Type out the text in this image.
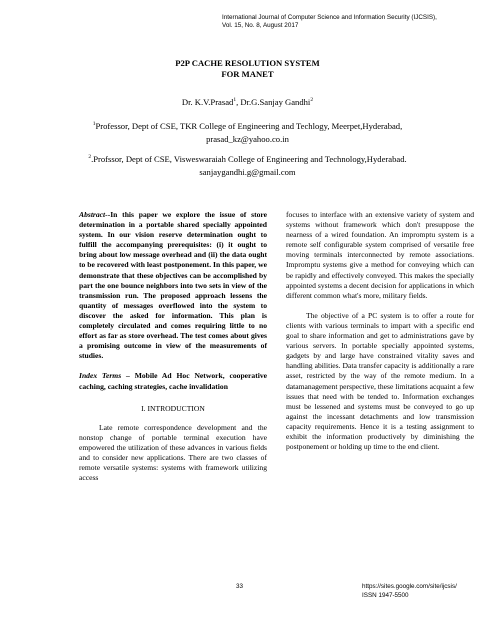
International Journal of Computer Science and Information Security (IJCSIS),
Vol. 15, No. 8, August 2017
P2P CACHE RESOLUTION SYSTEM
FOR MANET
Dr. K.V.Prasad$^1$, Dr.G.Sanjay Gandhi$^2$
$^1$Professor, Dept of CSE, TKR College of Engineering and Techlogy, Meerpet,Hyderabad,
prasad_kz@yahoo.co.in
$^2$.Profssor, Dept of CSE, Visweswaraiah College of Engineering and Technology,Hyderabad.
sanjaygandhi.g@gmail.com

Abstract--In this paper we explore the issue of store determination in a portable shared specially appointed system. In our vision reserve determination ought to fulfill the accompanying prerequisites: (i) it ought to bring about low message overhead and (ii) the data ought to be recovered with least postponement. In this paper, we demonstrate that these objectives can be accomplished by part the one bounce neighbors into two sets in view of the transmission run. The proposed approach lessens the quantity of messages overflowed into the system to discover the asked for information. This plan is completely circulated and comes requiring little to no effort as far as store overhead. The test comes about gives a promising outcome in view of the measurements of studies.

Index Terms – Mobile Ad Hoc Network, cooperative caching, caching strategies, cache invalidation

I. INTRODUCTION

Late remote correspondence development and the nonstop change of portable terminal execution have empowered the utilization of these advances in various fields and to consider new applications. There are two classes of remote versatile systems: systems with framework utilizing access

focuses to interface with an extensive variety of system and systems without framework which don't presuppose the nearness of a wired foundation. An impromptu system is a remote self configurable system comprised of versatile free moving terminals interconnected by remote associations. Impromptu systems give a method for conveying which can be rapidly and effectively conveyed. This makes the specially appointed systems a decent decision for applications in which different common what's more, military fields.

The objective of a PC system is to offer a route for clients with various terminals to impart with a specific end goal to share information and get to administrations gave by various servers. In portable specially appointed systems, gadgets by and large have constrained vitality saves and handling abilities. Data transfer capacity is additionally a rare asset, restricted by the way of the remote medium. In a datamanagement perspective, these limitations acquaint a few issues that need with be tended to. Information exchanges must be lessened and systems must be conveyed to go up against the incessant detachments and low transmission capacity requirements. Hence it is a testing assignment to exhibit the information productively by diminishing the postponement or holding up time to the end client.

33	https://sites.google.com/site/ijcsis/
ISSN 1947-5500
